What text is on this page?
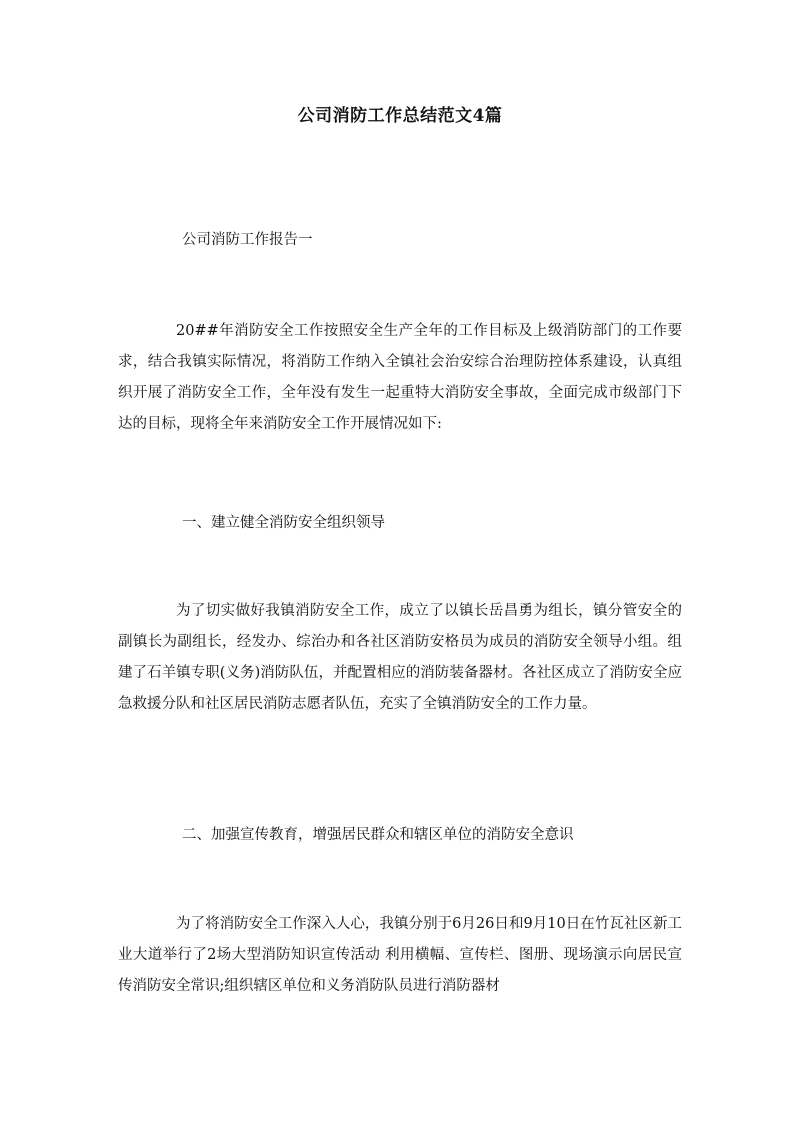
公司消防工作总结范文4篇

公司消防工作报告一

20##年消防安全工作按照安全生产全年的工作目标及上级消防部门的工作要求，结合我镇实际情况，将消防工作纳入全镇社会治安综合治理防控体系建设，认真组织开展了消防安全工作，全年没有发生一起重特大消防安全事故，全面完成市级部门下达的目标，现将全年来消防安全工作开展情况如下:

一、建立健全消防安全组织领导

为了切实做好我镇消防安全工作，成立了以镇长岳昌勇为组长，镇分管安全的副镇长为副组长，经发办、综治办和各社区消防安格员为成员的消防安全领导小组。组建了石羊镇专职(义务)消防队伍，并配置相应的消防装备器材。各社区成立了消防安全应急救援分队和社区居民消防志愿者队伍，充实了全镇消防安全的工作力量。

二、加强宣传教育，增强居民群众和辖区单位的消防安全意识

为了将消防安全工作深入人心，我镇分别于6月26日和9月10日在竹瓦社区新工业大道举行了2场大型消防知识宣传活动 利用横幅、宣传栏、图册、现场演示向居民宣传消防安全常识;组织辖区单位和义务消防队员进行消防器材
